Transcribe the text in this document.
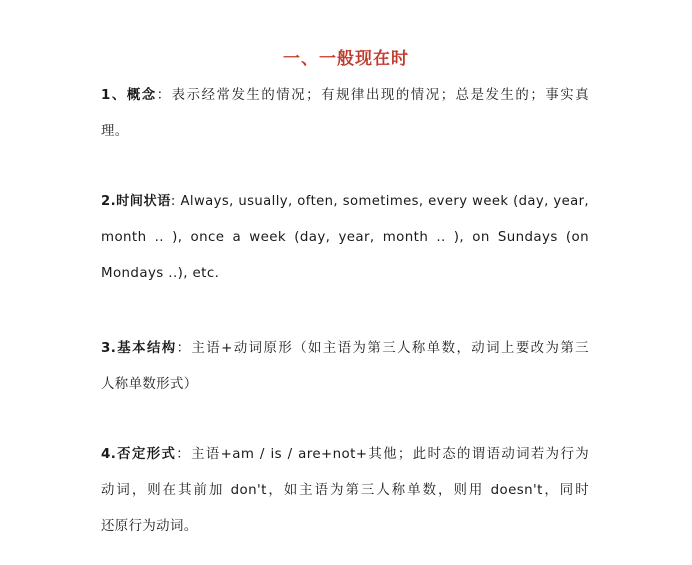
一、一般现在时
1、概念：表示经常发生的情况；有规律出现的情况；总是发生的；事实真
理。
2.时间状语: Always, usually, often, sometimes, every week (day, year,
month .. ), once a week (day, year, month .. ), on Sundays (on
Mondays ..), etc.
3.基本结构：主语+动词原形（如主语为第三人称单数，动词上要改为第三
人称单数形式）
4.否定形式：主语+am / is / are+not+其他；此时态的谓语动词若为行为
动词，则在其前加 don't，如主语为第三人称单数，则用 doesn't，同时
还原行为动词。
